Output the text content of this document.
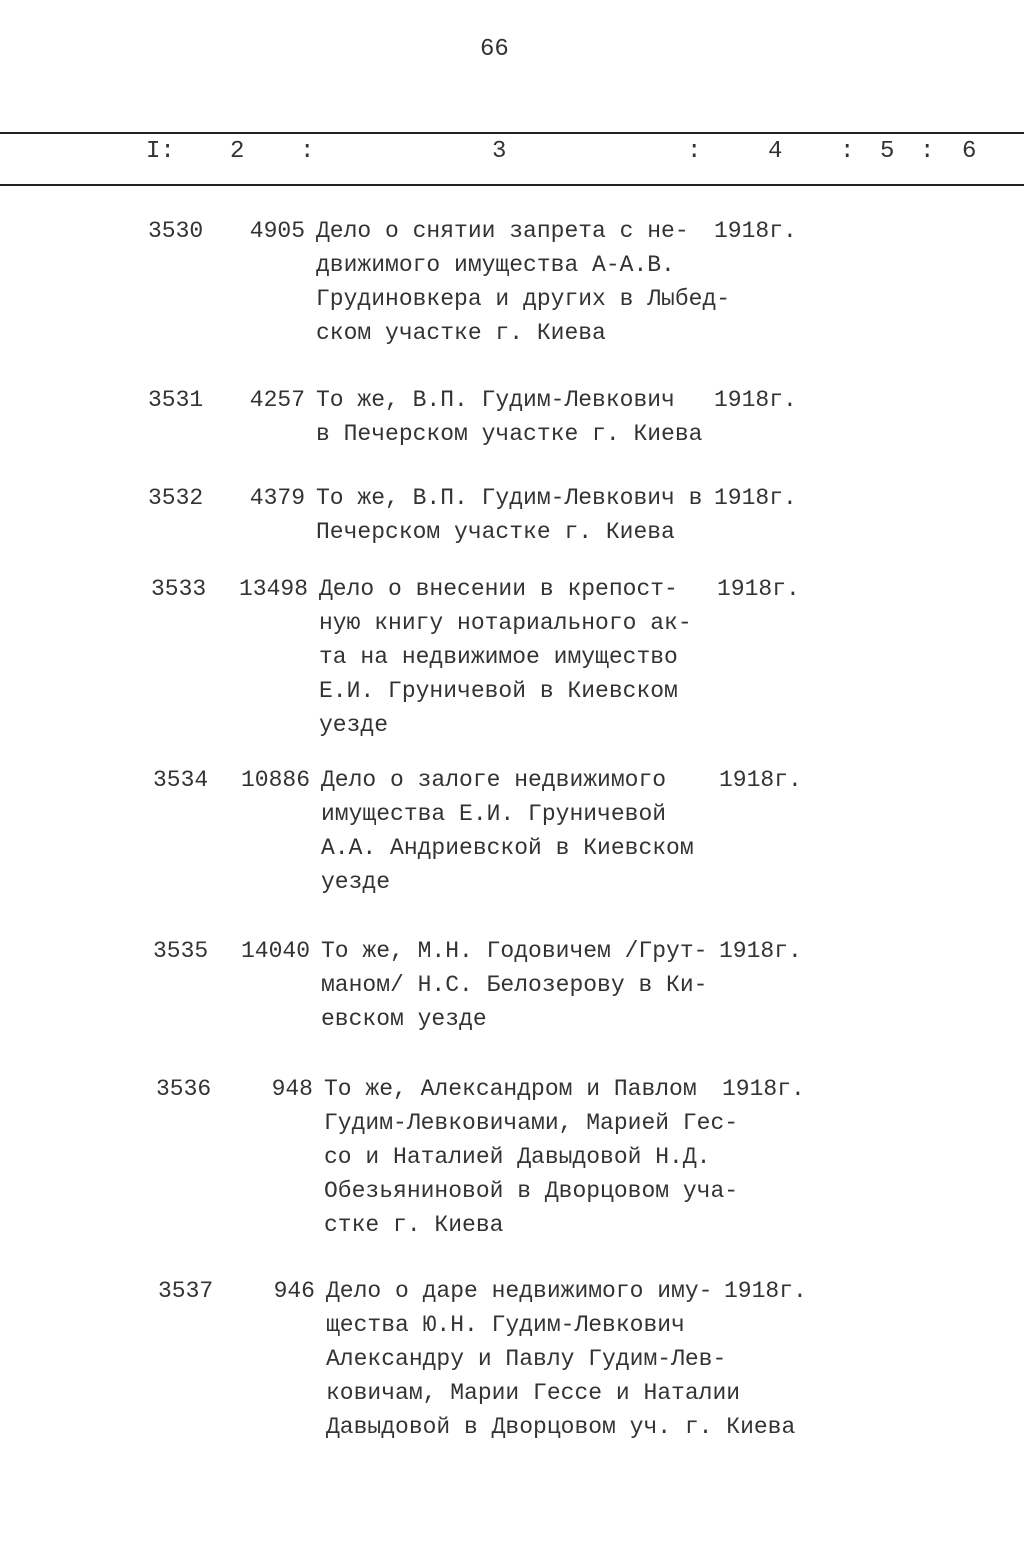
66
I: 2 :	3	:	4 : 5 : 6
3530	4905 Дело о снятии запрета с не-
движимого имущества А-А.В.
Грудиновкера и других в Лыбед-
ском участке г. Киева
1918г.
3531	4257 То же, В.П. Гудим-Левкович
в Печерском участке г. Киева
1918г.
3532	4379 То же, В.П. Гудим-Левкович в
Печерском участке г. Киева
1918г.
3533	13498 Дело о внесении в крепост-
ную книгу нотариального ак-
та на недвижимое имущество
Е.И. Груничевой в Киевском
уезде
1918г.
3534	10886 Дело о залоге недвижимого
имущества Е.И. Груничевой
А.А. Андриевской в Киевском
уезде
1918г.
3535	14040 То же, М.Н. Годовичем /Грут-
маном/ Н.С. Белозерову в Ки-
евском уезде
1918г.
3536	948 То же, Александром и Павлом
Гудим-Левковичами, Марией Гес-
со и Наталией Давыдовой Н.Д.
Обезьяниновой в Дворцовом уча-
стке г. Киева
1918г.
3537	946 Дело о даре недвижимого иму-
щества Ю.Н. Гудим-Левкович
Александру и Павлу Гудим-Лев-
ковичам, Марии Гессе и Наталии
Давыдовой в Дворцовом уч. г. Киева
1918г.
